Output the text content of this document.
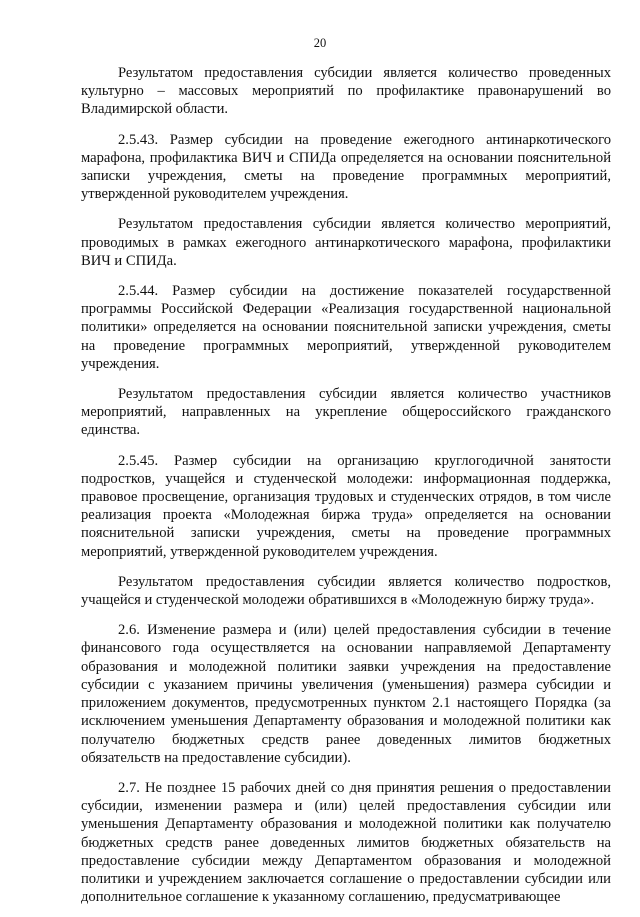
20

Результатом предоставления субсидии является количество проведенных культурно – массовых мероприятий по профилактике правонарушений во Владимирской области.

2.5.43. Размер субсидии на проведение ежегодного антинаркотического марафона, профилактика ВИЧ и СПИДа определяется на основании пояснительной записки учреждения, сметы на проведение программных мероприятий, утвержденной руководителем учреждения.

Результатом предоставления субсидии является количество мероприятий, проводимых в рамках ежегодного антинаркотического марафона, профилактики ВИЧ и СПИДа.

2.5.44. Размер субсидии на достижение показателей государственной программы Российской Федерации «Реализация государственной национальной политики» определяется на основании пояснительной записки учреждения, сметы на проведение программных мероприятий, утвержденной руководителем учреждения.

Результатом предоставления субсидии является количество участников мероприятий, направленных на укрепление общероссийского гражданского единства.

2.5.45. Размер субсидии на организацию круглогодичной занятости подростков, учащейся и студенческой молодежи: информационная поддержка, правовое просвещение, организация трудовых и студенческих отрядов, в том числе реализация проекта «Молодежная биржа труда» определяется на основании пояснительной записки учреждения, сметы на проведение программных мероприятий, утвержденной руководителем учреждения.

Результатом предоставления субсидии является количество подростков, учащейся и студенческой молодежи обратившихся в «Молодежную биржу труда».

2.6. Изменение размера и (или) целей предоставления субсидии в течение финансового года осуществляется на основании направляемой Департаменту образования и молодежной политики заявки учреждения на предоставление субсидии с указанием причины увеличения (уменьшения) размера субсидии и приложением документов, предусмотренных пунктом 2.1 настоящего Порядка (за исключением уменьшения Департаменту образования и молодежной политики как получателю бюджетных средств ранее доведенных лимитов бюджетных обязательств на предоставление субсидии).

2.7. Не позднее 15 рабочих дней со дня принятия решения о предоставлении субсидии, изменении размера и (или) целей предоставления субсидии или уменьшения Департаменту образования и молодежной политики как получателю бюджетных средств ранее доведенных лимитов бюджетных обязательств на предоставление субсидии между Департаментом образования и молодежной политики и учреждением заключается соглашение о предоставлении субсидии или дополнительное соглашение к указанному соглашению, предусматривающее
